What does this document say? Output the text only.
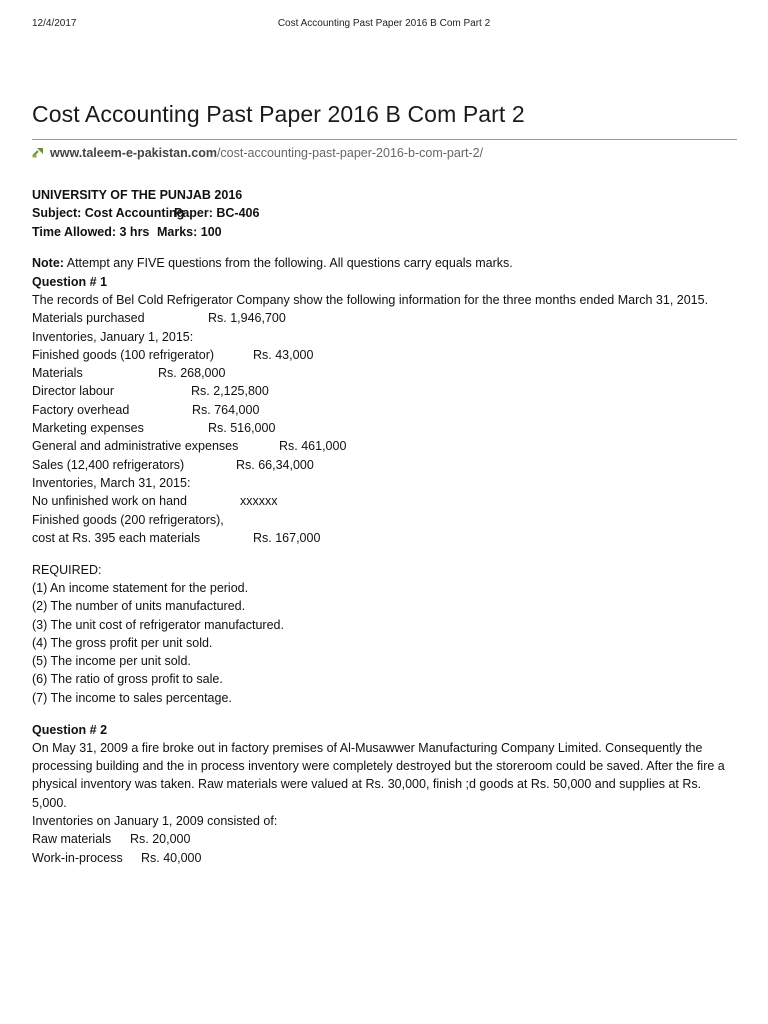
12/4/2017	Cost Accounting Past Paper 2016 B Com Part 2
Cost Accounting Past Paper 2016 B Com Part 2
www.taleem-e-pakistan.com/cost-accounting-past-paper-2016-b-com-part-2/
UNIVERSITY OF THE PUNJAB 2016
Subject: Cost AccountingPaper: BC-406
Time Allowed: 3 hrs Marks: 100

Note: Attempt any FIVE questions from the following. All questions carry equals marks.

Question # 1

The records of Bel Cold Refrigerator Company show the following information for the three months ended March 31, 2015.

Materials purchased	Rs. 1,946,700
Inventories, January 1, 2015:
Finished goods (100 refrigerator)	Rs. 43,000
Materials	Rs. 268,000
Director labour	Rs. 2,125,800
Factory overhead	Rs. 764,000
Marketing expenses	Rs. 516,000
General and administrative expenses	Rs. 461,000
Sales (12,400 refrigerators)	Rs. 66,34,000
Inventories, March 31, 2015:
No unfinished work on hand	xxxxxx
Finished goods (200 refrigerators),
cost at Rs. 395 each materials	Rs. 167,000

REQUIRED:

(1) An income statement for the period.
(2) The number of units manufactured.
(3) The unit cost of refrigerator manufactured.
(4) The gross profit per unit sold.
(5) The income per unit sold.
(6) The ratio of gross profit to sale.
(7) The income to sales percentage.

Question # 2

On May 31, 2009 a fire broke out in factory premises of Al-Musawwer Manufacturing Company Limited. Consequently the processing building and the in process inventory were completely destroyed but the storeroom could be saved. After the fire a physical inventory was taken. Raw materials were valued at Rs. 30,000, finish ;d goods at Rs. 50,000 and supplies at Rs. 5,000.

Inventories on January 1, 2009 consisted of:

Raw materials Rs. 20,000
Work-in-process Rs. 40,000
